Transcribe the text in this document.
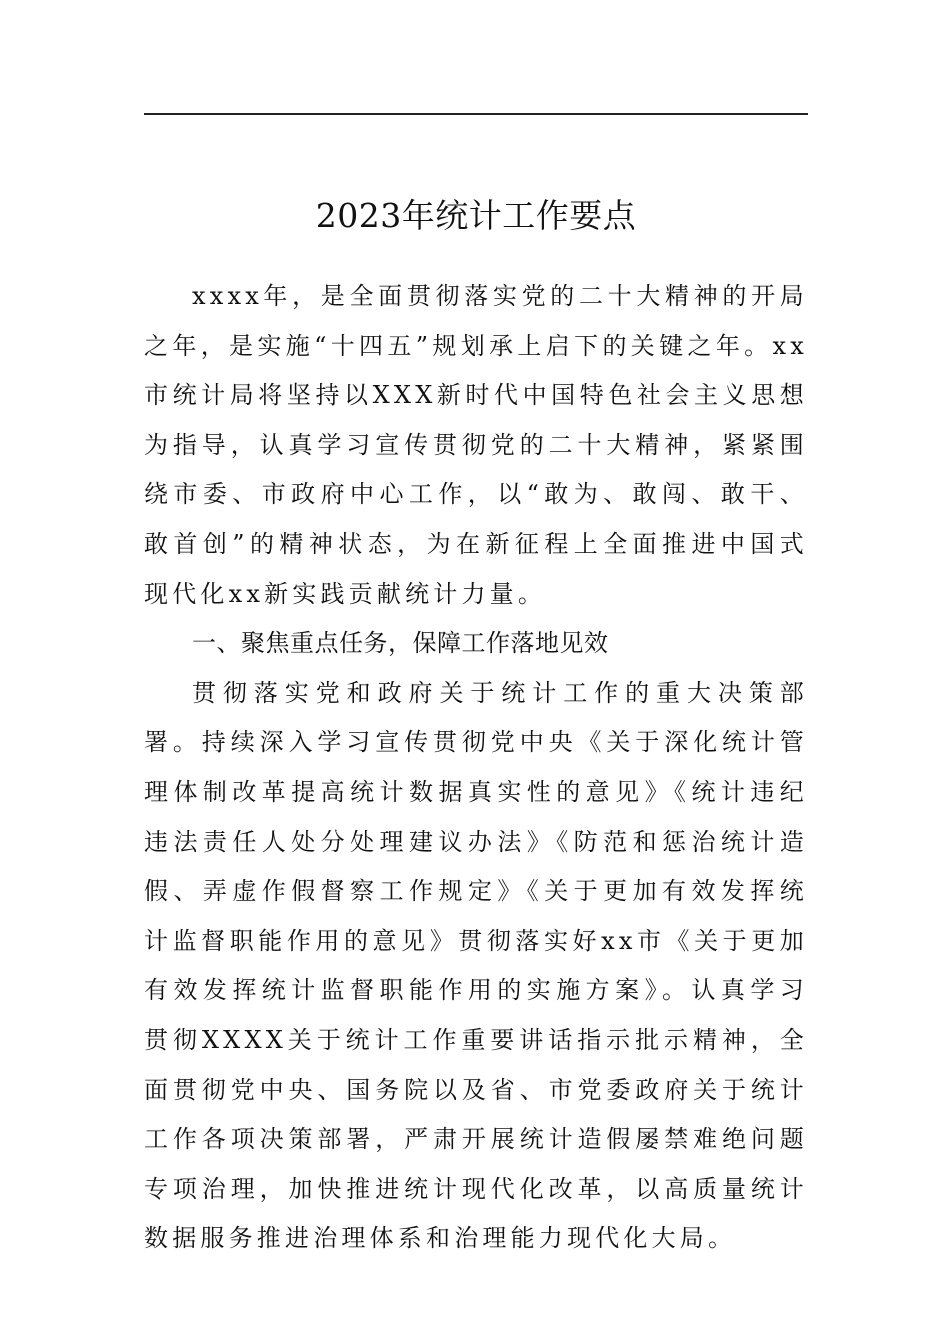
2023年统计工作要点

xxxx年，是全面贯彻落实党的二十大精神的开局之年，是实施“十四五”规划承上启下的关键之年。xx市统计局将坚持以XXX新时代中国特色社会主义思想为指导，认真学习宣传贯彻党的二十大精神，紧紧围绕市委、市政府中心工作，以“敢为、敢闯、敢干、敢首创”的精神状态，为在新征程上全面推进中国式现代化xx新实践贡献统计力量。

一、聚焦重点任务，保障工作落地见效

贯彻落实党和政府关于统计工作的重大决策部署。持续深入学习宣传贯彻党中央《关于深化统计管理体制改革提高统计数据真实性的意见》《统计违纪违法责任人处分处理建议办法》《防范和惩治统计造假、弄虚作假督察工作规定》《关于更加有效发挥统计监督职能作用的意见》贯彻落实好xx市《关于更加有效发挥统计监督职能作用的实施方案》。认真学习贯彻XXXX关于统计工作重要讲话指示批示精神，全面贯彻党中央、国务院以及省、市党委政府关于统计工作各项决策部署，严肃开展统计造假屡禁难绝问题专项治理，加快推进统计现代化改革，以高质量统计数据服务推进治理体系和治理能力现代化大局。
